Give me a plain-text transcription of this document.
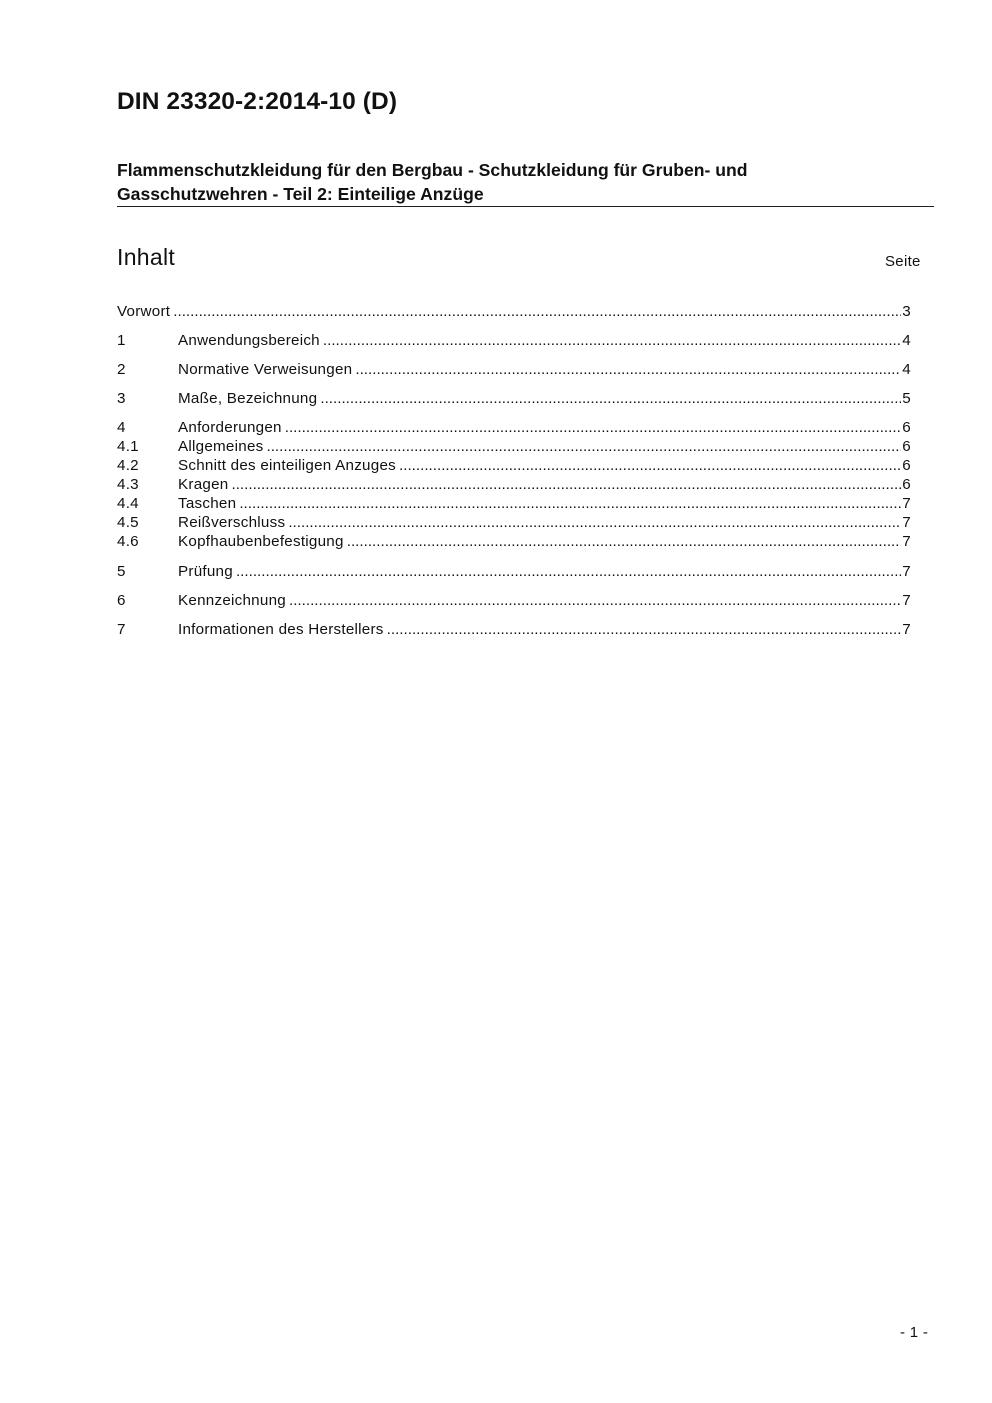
DIN 23320-2:2014-10 (D)
Flammenschutzkleidung für den Bergbau - Schutzkleidung für Gruben- und Gasschutzwehren - Teil 2: Einteilige Anzüge
Inhalt	Seite
Vorwort .....	3
1	Anwendungsbereich .....	4
2	Normative Verweisungen .....	4
3	Maße, Bezeichnung .....	5
4	Anforderungen .....	6
4.1	Allgemeines .....	6
4.2	Schnitt des einteiligen Anzuges .....	6
4.3	Kragen .....	6
4.4	Taschen .....	7
4.5	Reißverschluss .....	7
4.6	Kopfhaubenbefestigung .....	7
5	Prüfung .....	7
6	Kennzeichnung .....	7
7	Informationen des Herstellers .....	7
- 1 -
